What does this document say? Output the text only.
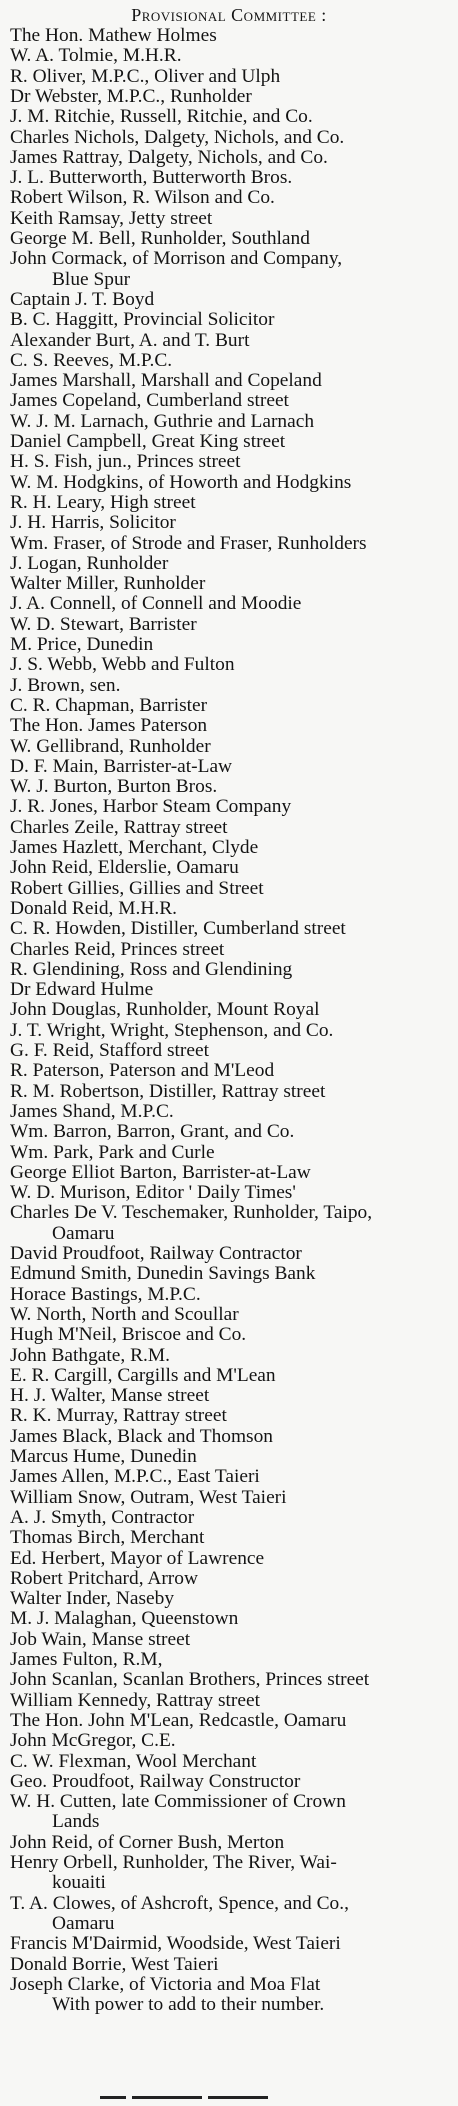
Provisional Committee :
The Hon. Mathew Holmes
W. A. Tolmie, M.H.R.
R. Oliver, M.P.C., Oliver and Ulph
Dr Webster, M.P.C., Runholder
J. M. Ritchie, Russell, Ritchie, and Co.
Charles Nichols, Dalgety, Nichols, and Co.
James Rattray, Dalgety, Nichols, and Co.
J. L. Butterworth, Butterworth Bros.
Robert Wilson, R. Wilson and Co.
Keith Ramsay, Jetty street
George M. Bell, Runholder, Southland
John Cormack, of Morrison and Company,
Blue Spur
Captain J. T. Boyd
B. C. Haggitt, Provincial Solicitor
Alexander Burt, A. and T. Burt
C. S. Reeves, M.P.C.
James Marshall, Marshall and Copeland
James Copeland, Cumberland street
W. J. M. Larnach, Guthrie and Larnach
Daniel Campbell, Great King street
H. S. Fish, jun., Princes street
W. M. Hodgkins, of Howorth and Hodgkins
R. H. Leary, High street
J. H. Harris, Solicitor
Wm. Fraser, of Strode and Fraser, Runholders
J. Logan, Runholder
Walter Miller, Runholder
J. A. Connell, of Connell and Moodie
W. D. Stewart, Barrister
M. Price, Dunedin
J. S. Webb, Webb and Fulton
J. Brown, sen.
C. R. Chapman, Barrister
The Hon. James Paterson
W. Gellibrand, Runholder
D. F. Main, Barrister-at-Law
W. J. Burton, Burton Bros.
J. R. Jones, Harbor Steam Company
Charles Zeile, Rattray street
James Hazlett, Merchant, Clyde
John Reid, Elderslie, Oamaru
Robert Gillies, Gillies and Street
Donald Reid, M.H.R.
C. R. Howden, Distiller, Cumberland street
Charles Reid, Princes street
R. Glendining, Ross and Glendining
Dr Edward Hulme
John Douglas, Runholder, Mount Royal
J. T. Wright, Wright, Stephenson, and Co.
G. F. Reid, Stafford street
R. Paterson, Paterson and M'Leod
R. M. Robertson, Distiller, Rattray street
James Shand, M.P.C.
Wm. Barron, Barron, Grant, and Co.
Wm. Park, Park and Curle
George Elliot Barton, Barrister-at-Law
W. D. Murison, Editor ' Daily Times'
Charles De V. Teschemaker, Runholder, Taipo,
Oamaru
David Proudfoot, Railway Contractor
Edmund Smith, Dunedin Savings Bank
Horace Bastings, M.P.C.
W. North, North and Scoullar
Hugh M'Neil, Briscoe and Co.
John Bathgate, R.M.
E. R. Cargill, Cargills and M'Lean
H. J. Walter, Manse street
R. K. Murray, Rattray street
James Black, Black and Thomson
Marcus Hume, Dunedin
James Allen, M.P.C., East Taieri
William Snow, Outram, West Taieri
A. J. Smyth, Contractor
Thomas Birch, Merchant
Ed. Herbert, Mayor of Lawrence
Robert Pritchard, Arrow
Walter Inder, Naseby
M. J. Malaghan, Queenstown
Job Wain, Manse street
James Fulton, R.M,
John Scanlan, Scanlan Brothers, Princes street
William Kennedy, Rattray street
The Hon. John M'Lean, Redcastle, Oamaru
John McGregor, C.E.
C. W. Flexman, Wool Merchant
Geo. Proudfoot, Railway Constructor
W. H. Cutten, late Commissioner of Crown
Lands
John Reid, of Corner Bush, Merton
Henry Orbell, Runholder, The River, Wai-
kouaiti
T. A. Clowes, of Ashcroft, Spence, and Co.,
Oamaru
Francis M'Dairmid, Woodside, West Taieri
Donald Borrie, West Taieri
Joseph Clarke, of Victoria and Moa Flat
With power to add to their number.
